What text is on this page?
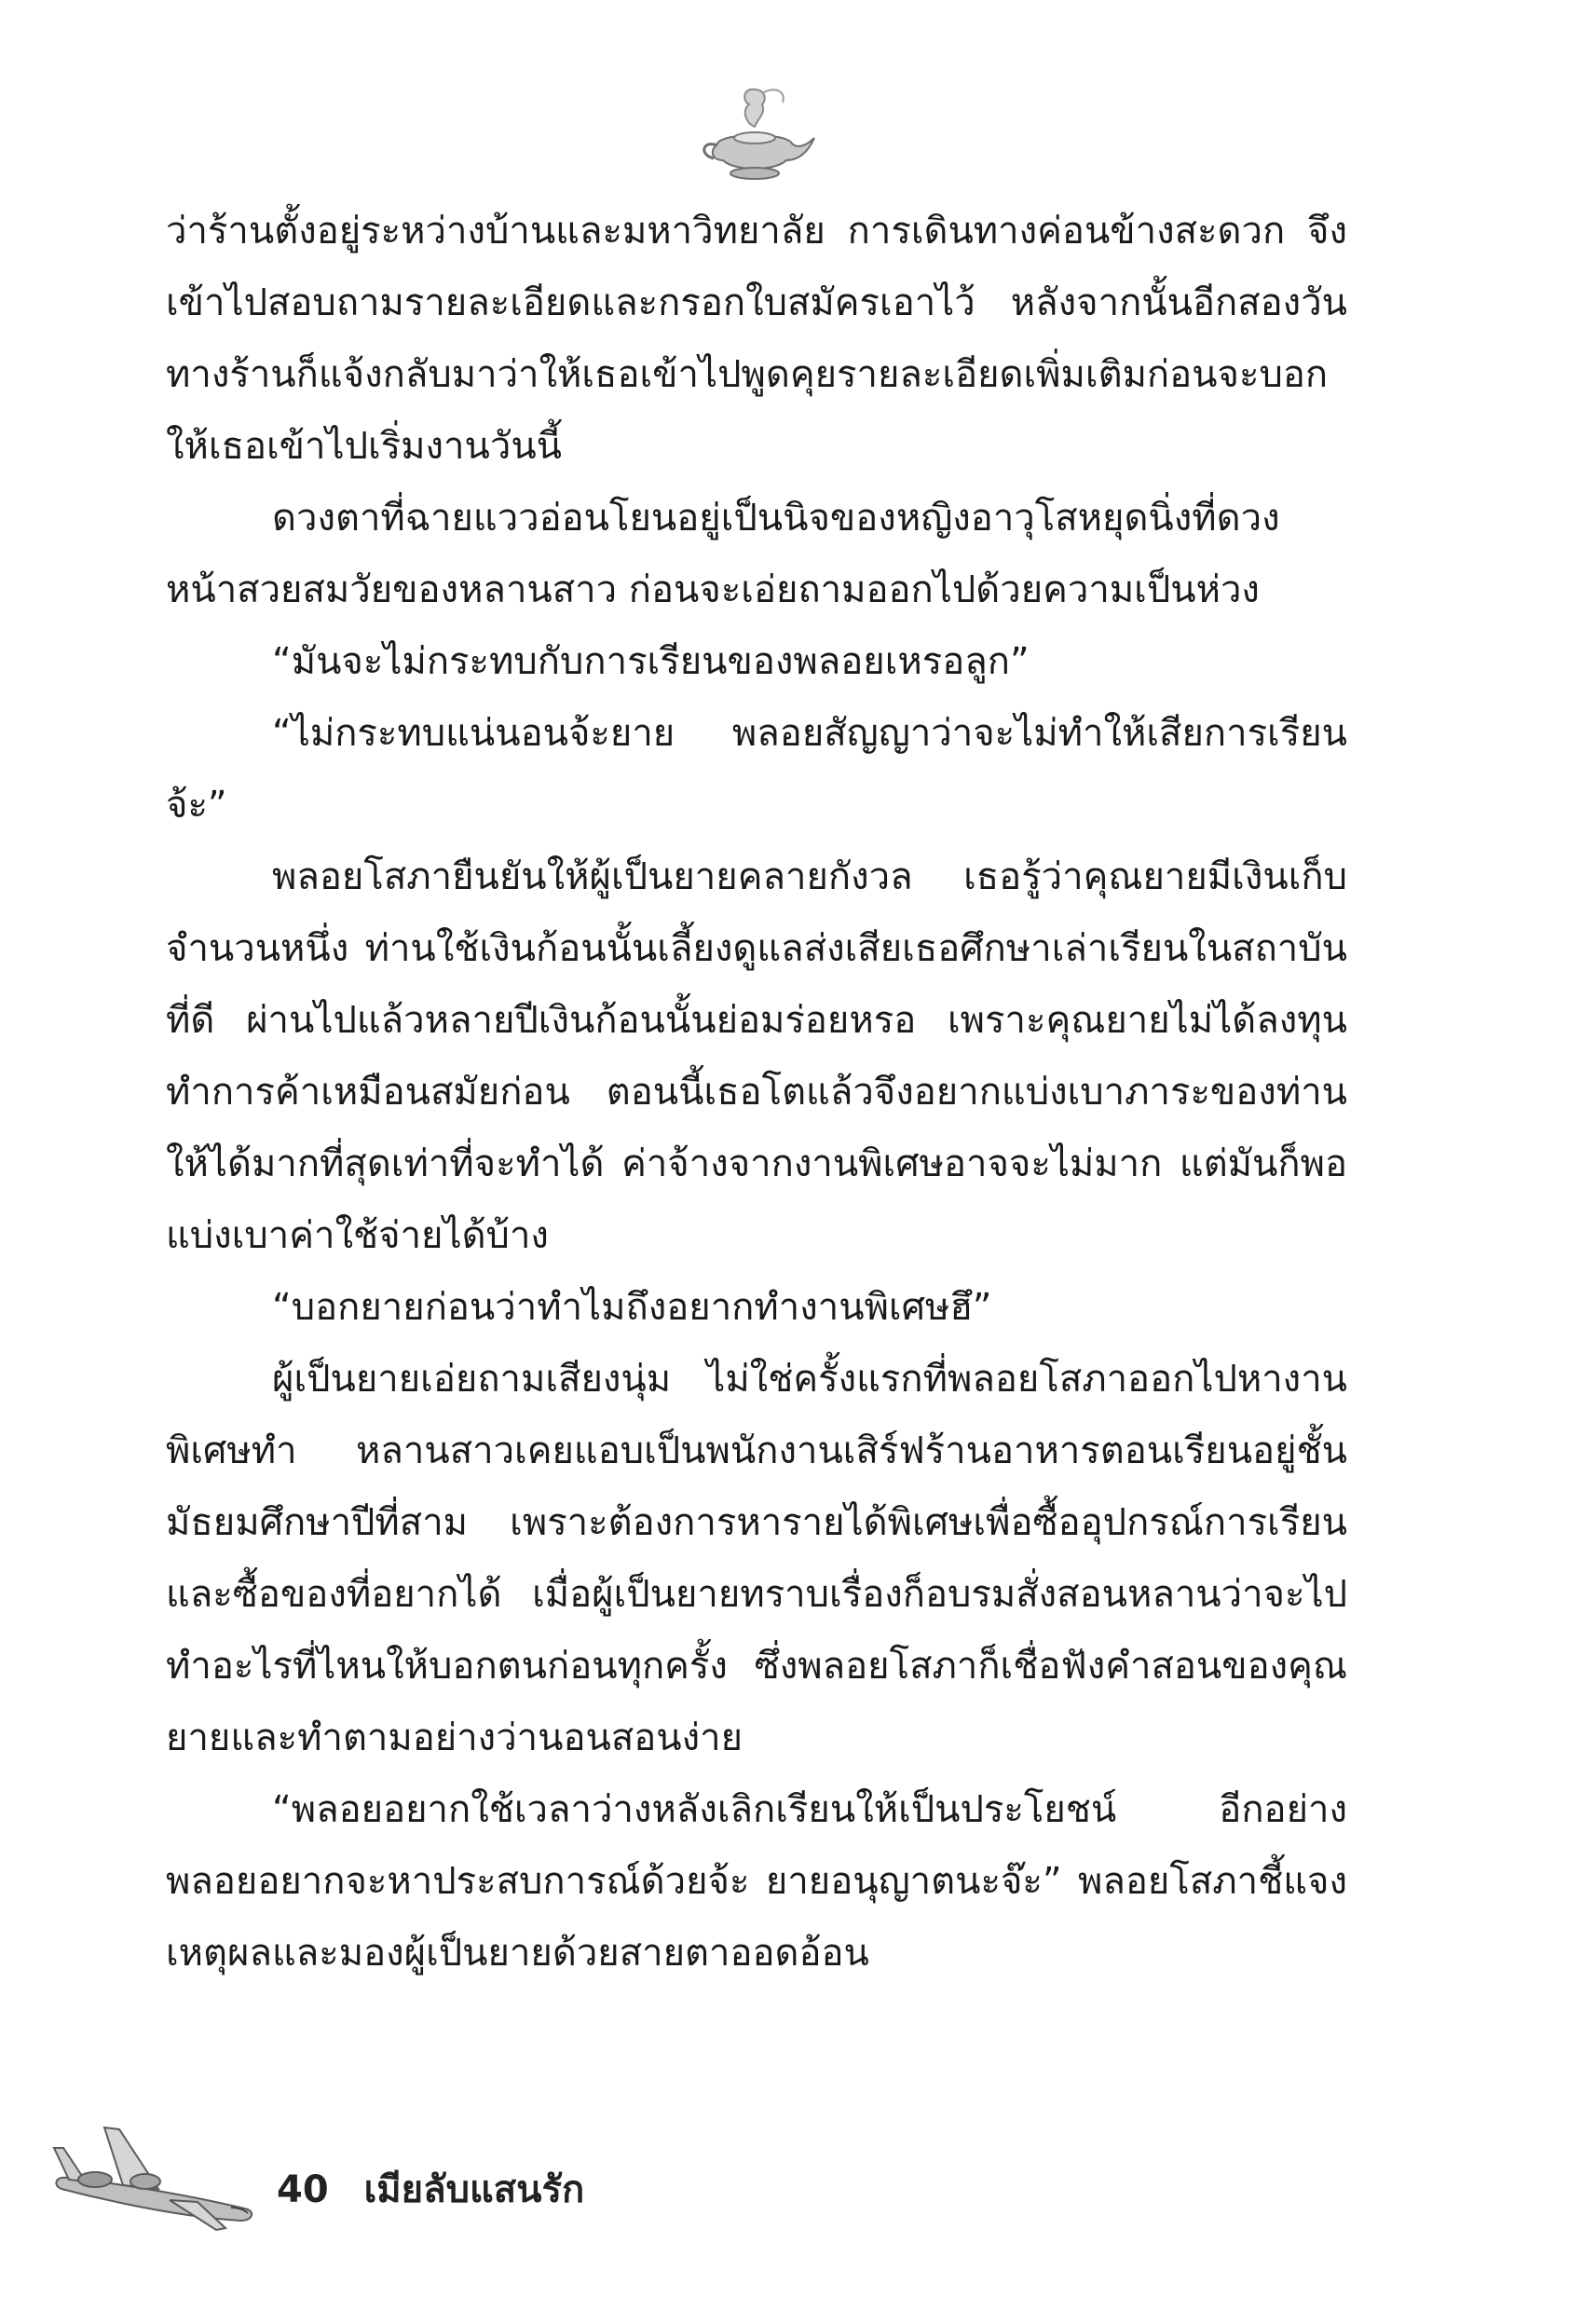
ว่าร้านตั้งอยู่ระหว่างบ้านและมหาวิทยาลัย การเดินทางค่อนข้างสะดวก จึงเข้าไปสอบถามรายละเอียดและกรอกใบสมัครเอาไว้ หลังจากนั้นอีกสองวันทางร้านก็แจ้งกลับมาว่าให้เธอเข้าไปพูดคุยรายละเอียดเพิ่มเติมก่อนจะบอกให้เธอเข้าไปเริ่มงานวันนี้

ดวงตาที่ฉายแววอ่อนโยนอยู่เป็นนิจของหญิงอาวุโสหยุดนิ่งที่ดวงหน้าสวยสมวัยของหลานสาว ก่อนจะเอ่ยถามออกไปด้วยความเป็นห่วง

“มันจะไม่กระทบกับการเรียนของพลอยเหรอลูก”

“ไม่กระทบแน่นอนจ้ะยาย พลอยสัญญาว่าจะไม่ทำให้เสียการเรียนจ้ะ”

พลอยโสภายืนยันให้ผู้เป็นยายคลายกังวล เธอรู้ว่าคุณยายมีเงินเก็บจำนวนหนึ่ง ท่านใช้เงินก้อนนั้นเลี้ยงดูแลส่งเสียเธอศึกษาเล่าเรียนในสถาบันที่ดี ผ่านไปแล้วหลายปีเงินก้อนนั้นย่อมร่อยหรอ เพราะคุณยายไม่ได้ลงทุนทำการค้าเหมือนสมัยก่อน ตอนนี้เธอโตแล้วจึงอยากแบ่งเบาภาระของท่านให้ได้มากที่สุดเท่าที่จะทำได้ ค่าจ้างจากงานพิเศษอาจจะไม่มาก แต่มันก็พอแบ่งเบาค่าใช้จ่ายได้บ้าง

“บอกยายก่อนว่าทำไมถึงอยากทำงานพิเศษฮึ”

ผู้เป็นยายเอ่ยถามเสียงนุ่ม ไม่ใช่ครั้งแรกที่พลอยโสภาออกไปหางานพิเศษทำ หลานสาวเคยแอบเป็นพนักงานเสิร์ฟร้านอาหารตอนเรียนอยู่ชั้นมัธยมศึกษาปีที่สาม เพราะต้องการหารายได้พิเศษเพื่อซื้ออุปกรณ์การเรียนและซื้อของที่อยากได้ เมื่อผู้เป็นยายทราบเรื่องก็อบรมสั่งสอนหลานว่าจะไปทำอะไรที่ไหนให้บอกตนก่อนทุกครั้ง ซึ่งพลอยโสภาก็เชื่อฟังคำสอนของคุณยายและทำตามอย่างว่านอนสอนง่าย

“พลอยอยากใช้เวลาว่างหลังเลิกเรียนให้เป็นประโยชน์ อีกอย่างพลอยอยากจะหาประสบการณ์ด้วยจ้ะ ยายอนุญาตนะจ๊ะ” พลอยโสภาชี้แจงเหตุผลและมองผู้เป็นยายด้วยสายตาออดอ้อน

40 เมียลับแสนรัก
